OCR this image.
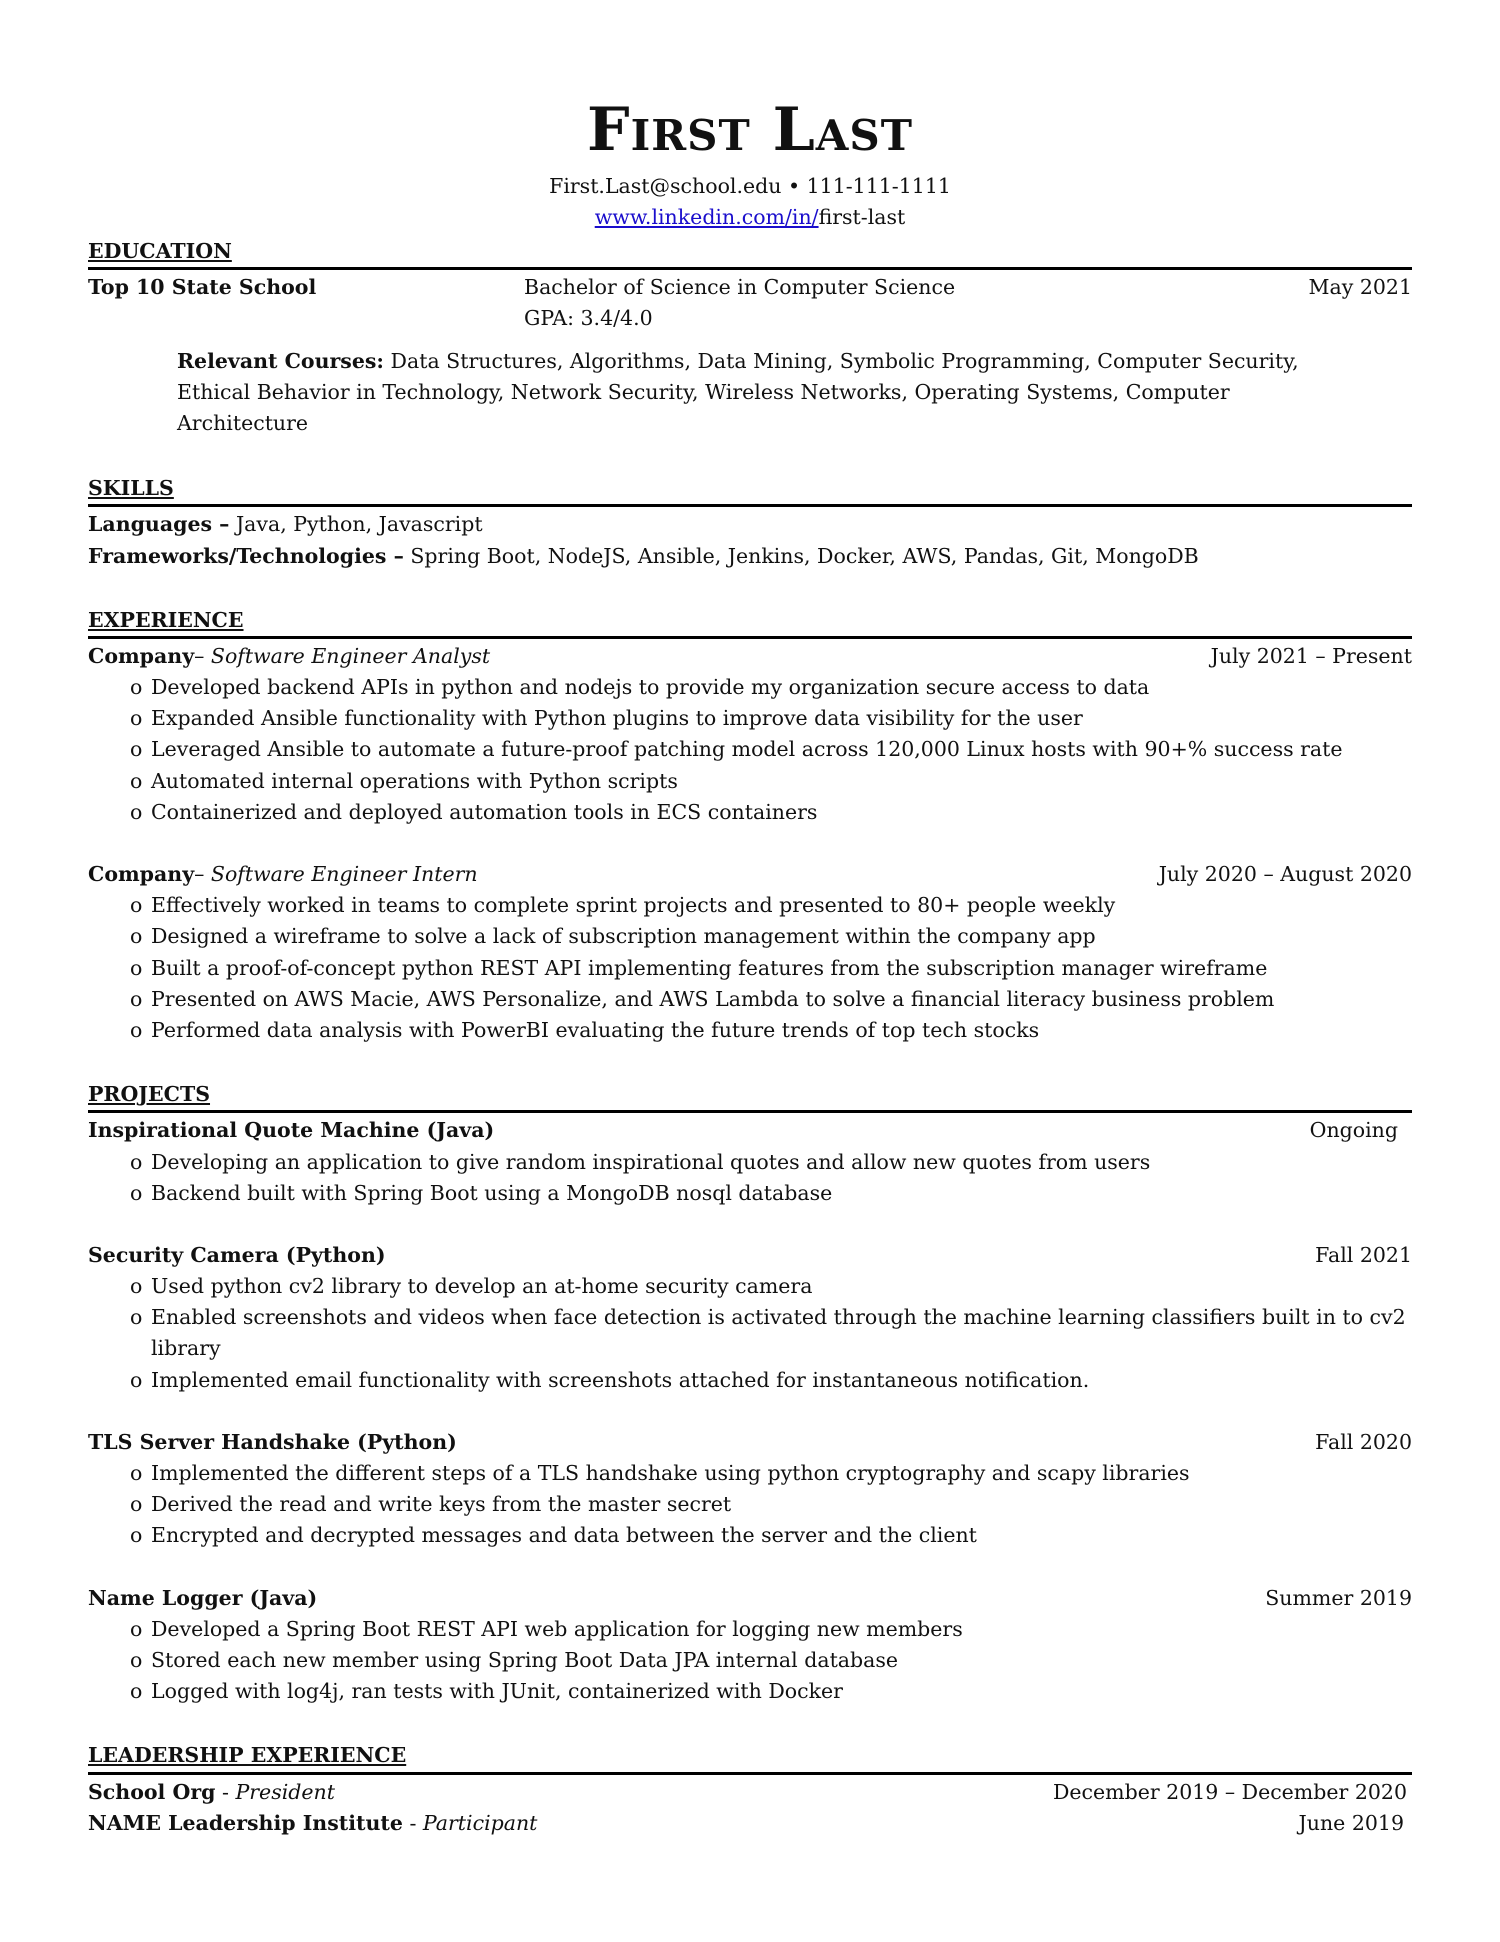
First Last
First.Last@school.edu • 111-111-1111
www.linkedin.com/in/first-last
EDUCATION
Top 10 State School	Bachelor of Science in Computer Science	May 2021
GPA: 3.4/4.0
Relevant Courses: Data Structures, Algorithms, Data Mining, Symbolic Programming, Computer Security,
Ethical Behavior in Technology, Network Security, Wireless Networks, Operating Systems, Computer
Architecture
SKILLS
Languages – Java, Python, Javascript
Frameworks/Technologies – Spring Boot, NodeJS, Ansible, Jenkins, Docker, AWS, Pandas, Git, MongoDB
EXPERIENCE
Company– Software Engineer Analyst	July 2021 – Present
o Developed backend APIs in python and nodejs to provide my organization secure access to data
o Expanded Ansible functionality with Python plugins to improve data visibility for the user
o Leveraged Ansible to automate a future-proof patching model across 120,000 Linux hosts with 90+% success rate
o Automated internal operations with Python scripts
o Containerized and deployed automation tools in ECS containers
Company– Software Engineer Intern	July 2020 – August 2020
o Effectively worked in teams to complete sprint projects and presented to 80+ people weekly
o Designed a wireframe to solve a lack of subscription management within the company app
o Built a proof-of-concept python REST API implementing features from the subscription manager wireframe
o Presented on AWS Macie, AWS Personalize, and AWS Lambda to solve a financial literacy business problem
o Performed data analysis with PowerBI evaluating the future trends of top tech stocks
PROJECTS
Inspirational Quote Machine (Java)	Ongoing
o Developing an application to give random inspirational quotes and allow new quotes from users
o Backend built with Spring Boot using a MongoDB nosql database
Security Camera (Python)	Fall 2021
o Used python cv2 library to develop an at-home security camera
o Enabled screenshots and videos when face detection is activated through the machine learning classifiers built in to cv2 library
o Implemented email functionality with screenshots attached for instantaneous notification.
TLS Server Handshake (Python)	Fall 2020
o Implemented the different steps of a TLS handshake using python cryptography and scapy libraries
o Derived the read and write keys from the master secret
o Encrypted and decrypted messages and data between the server and the client
Name Logger (Java)	Summer 2019
o Developed a Spring Boot REST API web application for logging new members
o Stored each new member using Spring Boot Data JPA internal database
o Logged with log4j, ran tests with JUnit, containerized with Docker
LEADERSHIP EXPERIENCE
School Org - President	December 2019 – December 2020
NAME Leadership Institute - Participant	June 2019
